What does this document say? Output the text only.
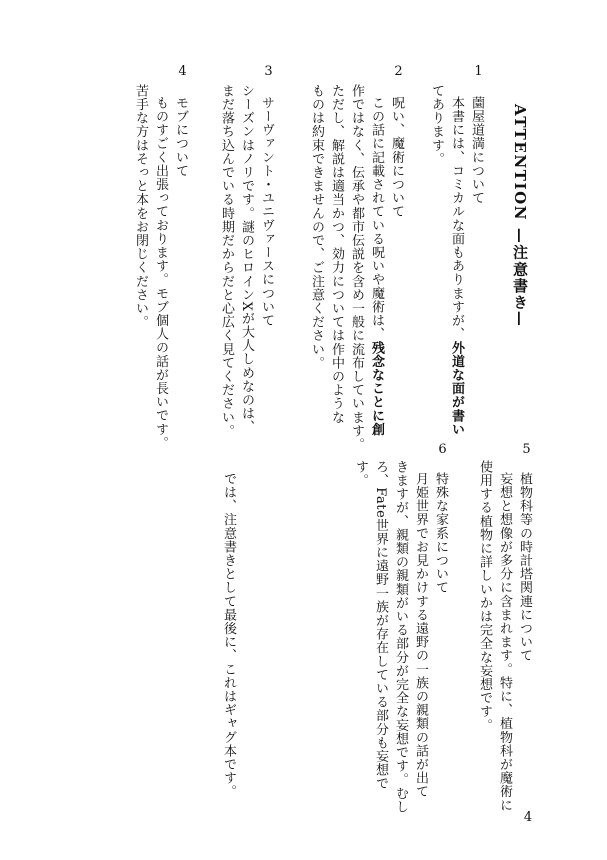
ATTENTION —注意書き—
1
薗屋道満について
本書には、コミカルな面もありますが、外道な面が書い
てあります。
2
呪い、魔術について
この話に記載されている呪いや魔術は、残念なことに創
作ではなく、伝承や都市伝説を含め一般に流布しています。
ただし、解説は適当かつ、効力については作中のような
ものは約束できませんので、ご注意ください。
3
サーヴァント・ユニヴァースについて
シーズンはノリです。謎のヒロインXが大人しめなのは、
まだ落ち込んでいる時期だからだと心広く見てください。
4
モブについて
ものすごく出張っております。モブ個人の話が長いです。
苦手な方はそっと本をお閉じください。
5
植物科等の時計塔関連について
妄想と想像が多分に含まれます。特に、植物科が魔術に
使用する植物に詳しいかは完全な妄想です。
6
特殊な家系について
月姫世界でお見かけする遠野の一族の親類の話が出て
きますが、親類の親類がいる部分が完全な妄想です。むし
ろ、Fate世界に遠野一族が存在している部分も妄想で
す。
では、注意書きとして最後に、これはギャグ本です。
4
